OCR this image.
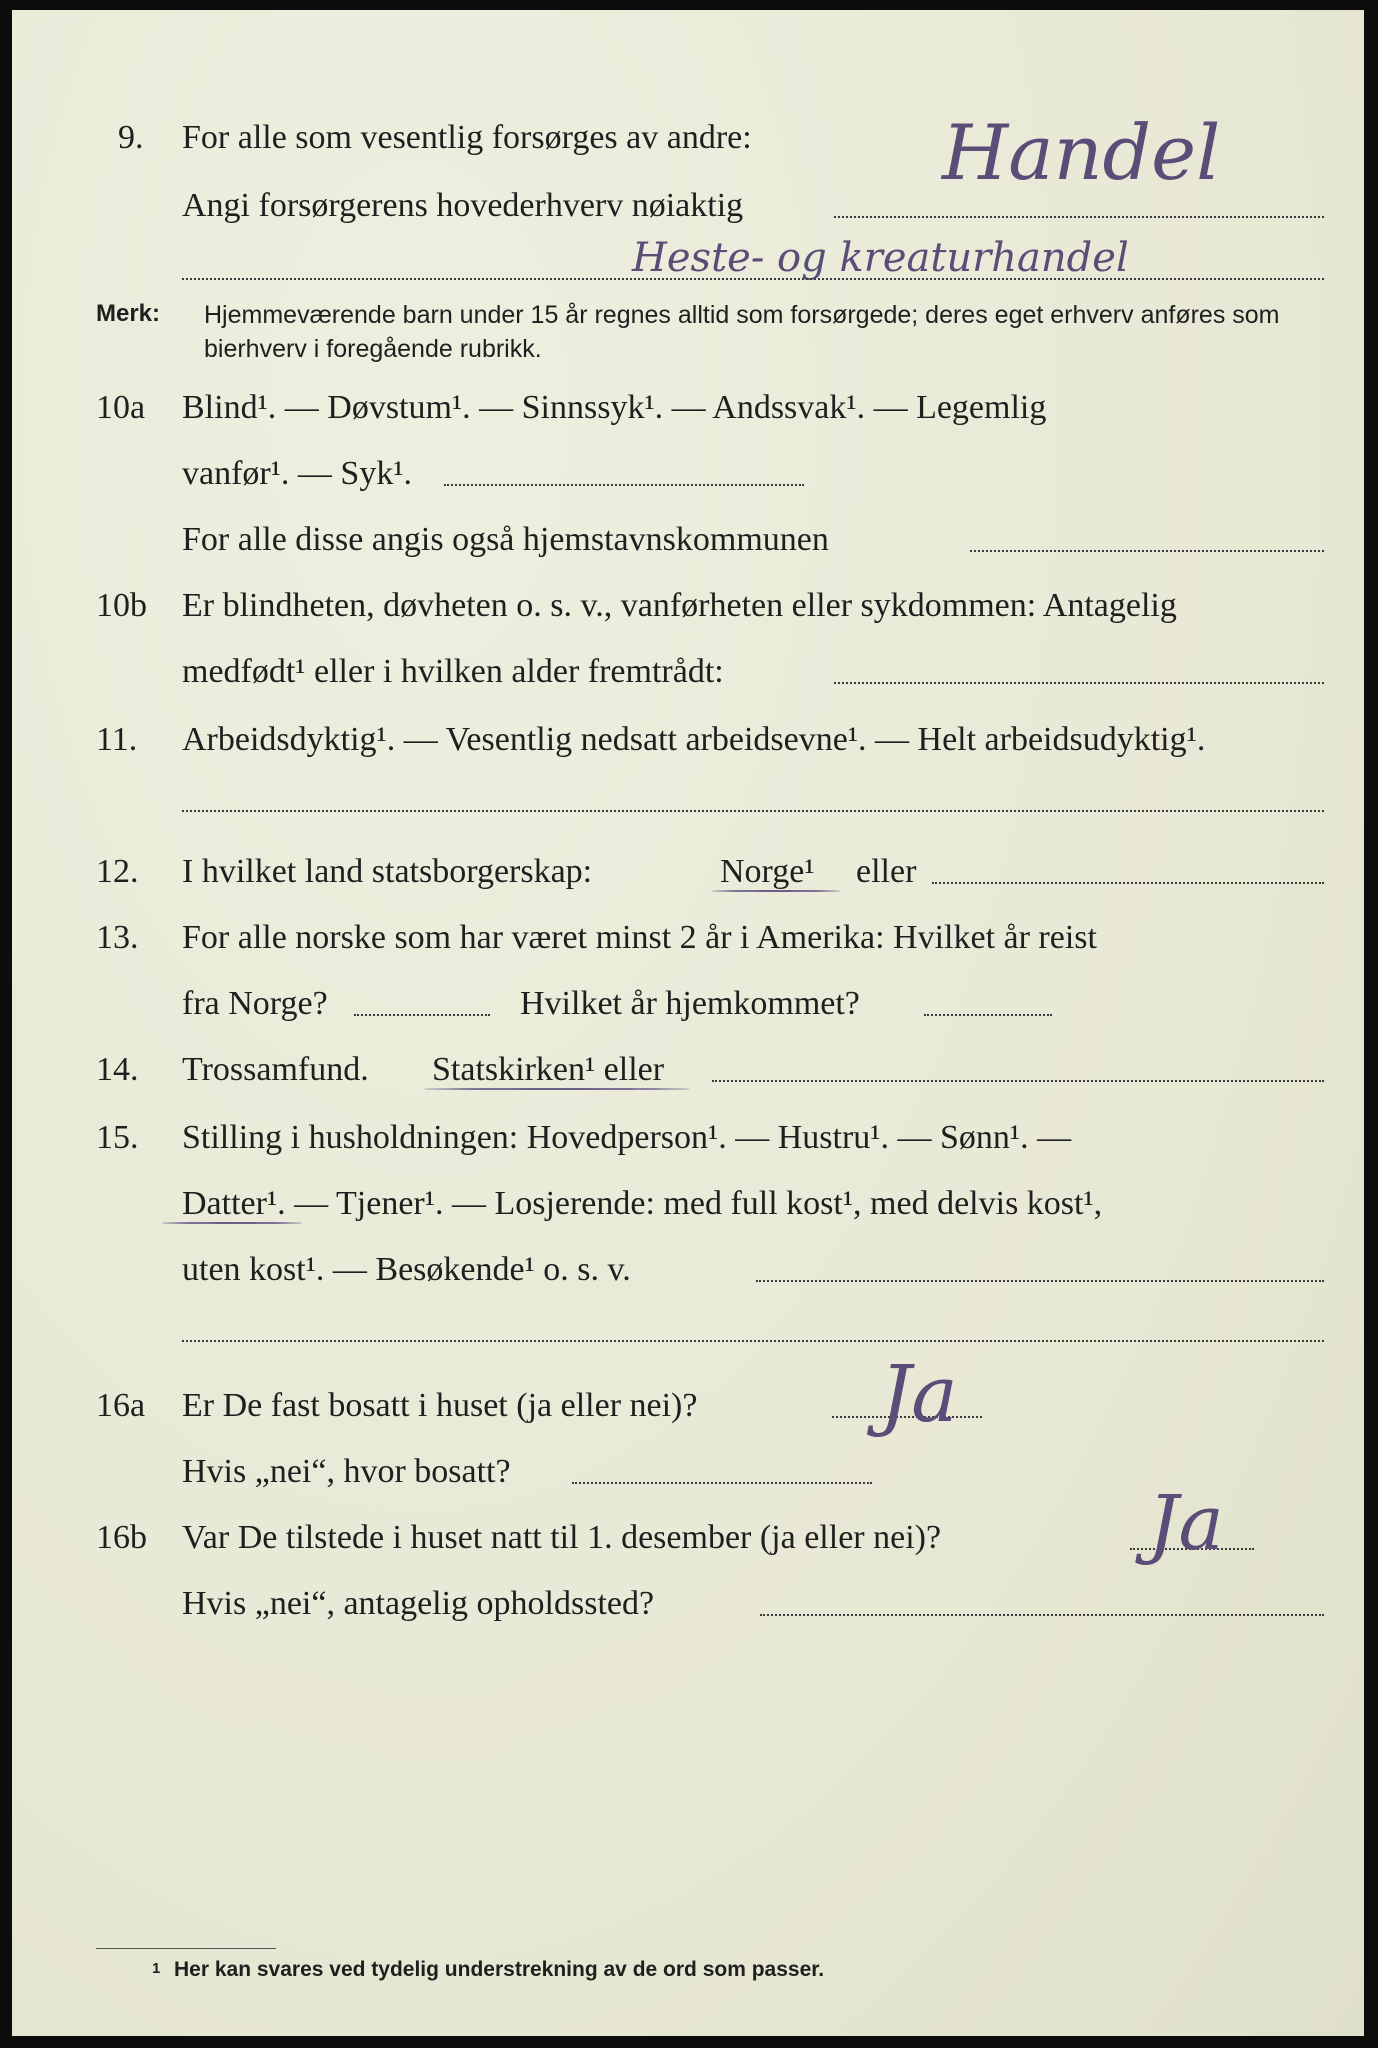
9. For alle som vesentlig forsørges av andre:
Angi forsørgerens hovederhverv nøiaktig
Handel
Heste- og kreaturhandel
Merk: Hjemmeværende barn under 15 år regnes alltid som forsørgede; deres eget erhverv anføres som bierhverv i foregående rubrikk.
10a Blind¹. — Døvstum¹. — Sinnssyk¹. — Andssvak¹. — Legemlig
vanfør¹. — Syk¹.
For alle disse angis også hjemstavnskommunen
10b Er blindheten, døvheten o. s. v., vanførheten eller sykdommen: Antagelig
medfødt¹ eller i hvilken alder fremtrådt:
11. Arbeidsdyktig¹. — Vesentlig nedsatt arbeidsevne¹. — Helt arbeidsudyktig¹.
12. I hvilket land statsborgerskap:	Norge¹ eller
13. For alle norske som har været minst 2 år i Amerika: Hvilket år reist
fra Norge?	Hvilket år hjemkommet?
14. Trossamfund. Statskirken¹ eller
15. Stilling i husholdningen: Hovedperson¹. — Hustru¹. — Sønn¹. —
Datter¹. — Tjener¹. — Losjerende: med full kost¹, med delvis kost¹,
uten kost¹. — Besøkende¹ o. s. v.
16a Er De fast bosatt i huset (ja eller nei)? Ja
Hvis „nei“, hvor bosatt?
16b Var De tilstede i huset natt til 1. desember (ja eller nei)?	Ja
Hvis „nei“, antagelig opholdssted?
1 Her kan svares ved tydelig understrekning av de ord som passer.
